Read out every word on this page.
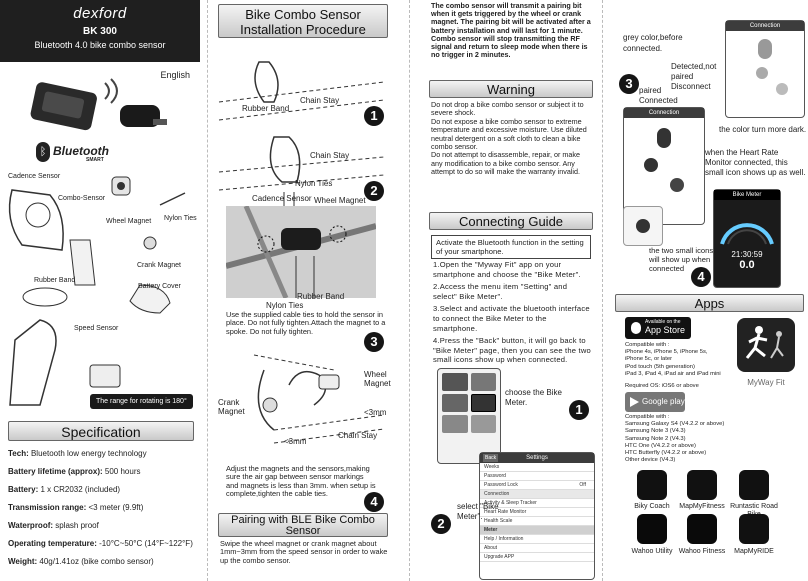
dexford
BK 300
Bluetooth 4.0 bike combo sensor
English
ᛒ Bluetooth
SMART
Cadence Sensor
Combo-Sensor
Wheel Magnet Nylon Ties
Crank Magnet
Rubber Band
Battery Cover
Speed Sensor
The range for rotating is 180°
Specification
Tech: Bluetooth low energy technology
Battery lifetime (approx): 500 hours
Battery: 1 x CR2032 (included)
Transmission range: <3 meter (9.9ft)
Waterproof: splash proof
Operating temperature: -10°C~50°C (14°F~122°F)
Weight: 40g/1.41oz (bike combo sensor)
Bike Combo Sensor Installation Procedure
Chain Stay
Rubber Band
Chain Stay
Nylon Ties
1
2
Cadence Sensor Wheel Magnet
Rubber Band
Nylon Ties
Use the supplied cable ties to hold the sensor in place. Do not fully tighten.Attach the magnet to a spoke. Do not fully tighten.
3
Crank Magnet
Wheel Magnet
<3mm
<3mm
Chain Stay
Adjust the magnets and the sensors,making sure the air gap between sensor markings and magnets is less than 3mm. when setup is complete,tighten the cable ties.
4
Pairing with BLE Bike Combo Sensor
Swipe the wheel magnet or crank magnet about 1mm~3mm from the speed sensor in order to wake up the combo sensor.
The combo sensor will transmit a pairing bit when it gets triggered by the wheel or crank magnet. The pairing bit will be activated after a battery installation and will last for 1 minute. Combo sensor will stop transmitting the RF signal and return to sleep mode when there is no trigger in 2 minutes.
Warning
Do not drop a bike combo sensor or subject it to severe shock.
Do not expose a bike combo sensor to extreme temperature and excessive moisture. Use diluted neutral detergent on a soft cloth to clean a bike combo sensor.
Do not attempt to disassemble, repair, or make any modification to a bike combo sensor. Any attempt to do so will make the warranty invalid.
Connecting Guide
Activate the Bluetooth function in the setting of your smartphone.
1.Open the "Myway Fit" app on your smartphone and choose the "Bike Meter".
2.Access the menu item "Setting" and select" Bike Meter".
3.Select and activate the bluetooth interface to connect the Bike Meter to the smartphone.
4.Press the "Back" button, it will go back to "Bike Meter" page, then you can see the two small icons show up when connected.
choose the Bike Meter.	1
Back	Settings
Weeks
Password
Password Lock	Off
Connection
Activity & Sleep Tracker
Heart Rate Monitor
Health Scale
Meter
Help / Information
About
Upgrade APP
select "Bike Meter".
2
grey color,before connected.
Connection
Detected,not paired Disconnect
3 paired Connected
Connection
the color turn more dark.
when the Heart Rate Monitor connected, this small icon shows up as well.
Bike Meter
21:30:59
0.0
the two small icons will show up when connected
4
Apps
Available on the
App Store
Compatible with :
iPhone 4s, iPhone 5, iPhone 5s,
iPhone 5c, or later
iPod touch (5th generation)
iPad 3, iPad 4, iPad air and iPad mini
Required OS: iOS6 or above	MyWay Fit
Google play
Compatible with :
Samsung Galaxy S4 (V4.2.2 or above)
Samsung Note 3 (V4.3)
Samsung Note 2 (V4.3)
HTC One (V4.2.2 or above)
HTC Butterfly (V4.2.2 or above)
Other device (V4.3)
Biky Coach	MapMyFitness Runtastic Road
Wahoo Utility Wahoo Fitness	MapMyRIDE
